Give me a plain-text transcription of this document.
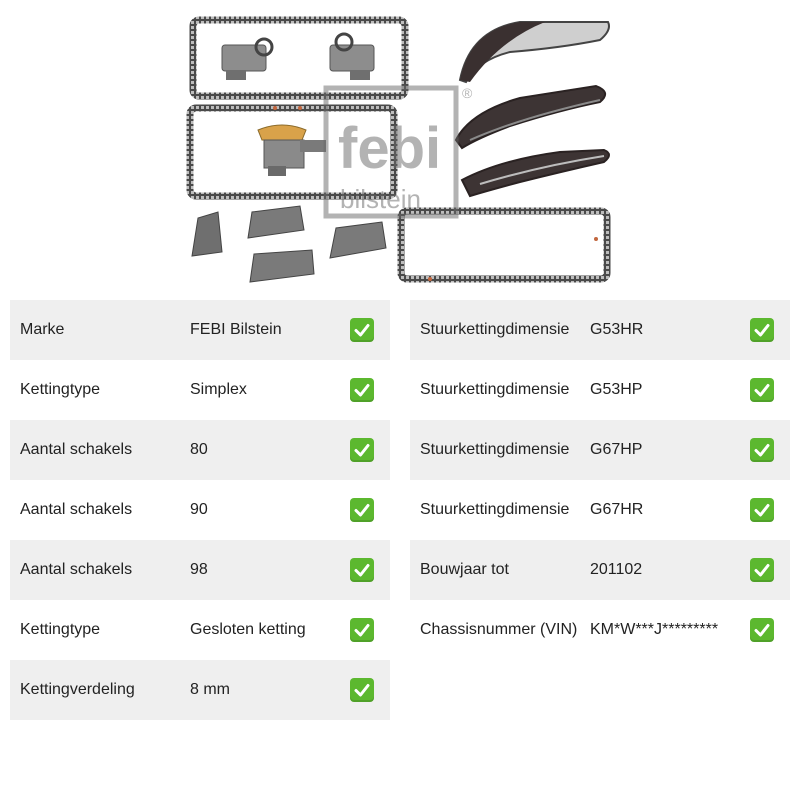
febi
bilstein
®
Marke	FEBI Bilstein
Kettingtype	Simplex
Aantal schakels	80
Aantal schakels	90
Aantal schakels	98
Kettingtype	Gesloten ketting
Kettingverdeling	8 mm
Stuurkettingdimensie G53HR
Stuurkettingdimensie G53HP
Stuurkettingdimensie G67HP
Stuurkettingdimensie G67HR
Bouwjaar tot	201102
Chassisnummer (VIN) KM*W***J*********
